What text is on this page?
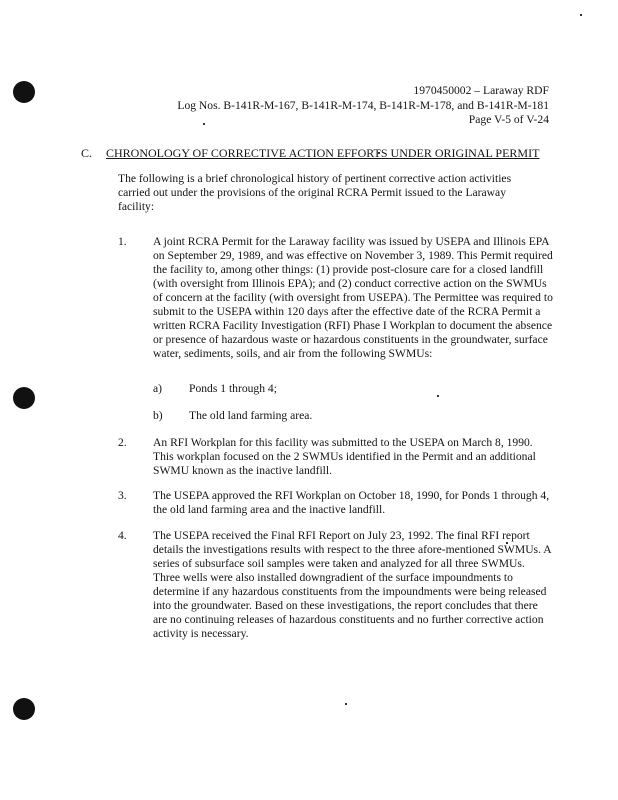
1970450002 – Laraway RDF
Log Nos. B-141R-M-167, B-141R-M-174, B-141R-M-178, and B-141R-M-181
Page V-5 of V-24
C. CHRONOLOGY OF CORRECTIVE ACTION EFFORTS UNDER ORIGINAL PERMIT
The following is a brief chronological history of pertinent corrective action activities carried out under the provisions of the original RCRA Permit issued to the Laraway facility:
1. A joint RCRA Permit for the Laraway facility was issued by USEPA and Illinois EPA on September 29, 1989, and was effective on November 3, 1989. This Permit required the facility to, among other things: (1) provide post-closure care for a closed landfill (with oversight from Illinois EPA); and (2) conduct corrective action on the SWMUs of concern at the facility (with oversight from USEPA). The Permittee was required to submit to the USEPA within 120 days after the effective date of the RCRA Permit a written RCRA Facility Investigation (RFI) Phase I Workplan to document the absence or presence of hazardous waste or hazardous constituents in the groundwater, surface water, sediments, soils, and air from the following SWMUs:
a) Ponds 1 through 4;
b) The old land farming area.
2. An RFI Workplan for this facility was submitted to the USEPA on March 8, 1990. This workplan focused on the 2 SWMUs identified in the Permit and an additional SWMU known as the inactive landfill.
3. The USEPA approved the RFI Workplan on October 18, 1990, for Ponds 1 through 4, the old land farming area and the inactive landfill.
4. The USEPA received the Final RFI Report on July 23, 1992. The final RFI report details the investigations results with respect to the three afore-mentioned SWMUs. A series of subsurface soil samples were taken and analyzed for all three SWMUs. Three wells were also installed downgradient of the surface impoundments to determine if any hazardous constituents from the impoundments were being released into the groundwater. Based on these investigations, the report concludes that there are no continuing releases of hazardous constituents and no further corrective action activity is necessary.
